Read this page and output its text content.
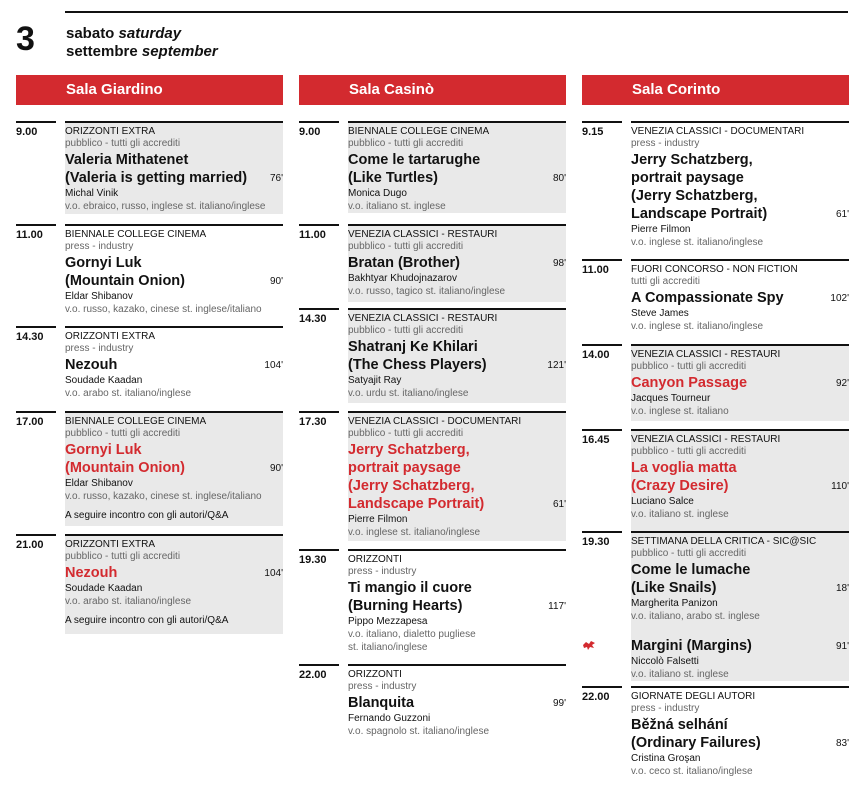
3 sabato saturday
settembre september
Sala Giardino
9.00	ORIZZONTI EXTRA
pubblico - tutti gli accrediti
Valeria Mithatenet
(Valeria is getting married)	76'
Michal Vinik
v.o. ebraico, russo, inglese st. italiano/inglese
11.00 BIENNALE COLLEGE CINEMA
press - industry
Gornyi Luk
(Mountain Onion)	90'
Eldar Shibanov
v.o. russo, kazako, cinese st. inglese/italiano
14.30 ORIZZONTI EXTRA
press - industry
Nezouh	104'
Soudade Kaadan
v.o. arabo st. italiano/inglese
17.00 BIENNALE COLLEGE CINEMA
pubblico - tutti gli accrediti
Gornyi Luk
(Mountain Onion)	90'
Eldar Shibanov
v.o. russo, kazako, cinese st. inglese/italiano
A seguire incontro con gli autori/Q&A
21.00 ORIZZONTI EXTRA
pubblico - tutti gli accrediti
Nezouh	104'
Soudade Kaadan
v.o. arabo st. italiano/inglese
A seguire incontro con gli autori/Q&A
Sala Casinò
9.00	BIENNALE COLLEGE CINEMA
pubblico - tutti gli accrediti
Come le tartarughe
(Like Turtles)	80'
Monica Dugo
v.o. italiano st. inglese
11.00 VENEZIA CLASSICI - RESTAURI
pubblico - tutti gli accrediti
Bratan (Brother)	98'
Bakhtyar Khudojnazarov
v.o. russo, tagico st. italiano/inglese
14.30 VENEZIA CLASSICI - RESTAURI
pubblico - tutti gli accrediti
Shatranj Ke Khilari
(The Chess Players)	121'
Satyajit Ray
v.o. urdu st. italiano/inglese
17.30 VENEZIA CLASSICI - DOCUMENTARI
pubblico - tutti gli accrediti
Jerry Schatzberg,
portrait paysage
(Jerry Schatzberg,
Landscape Portrait)	61'
Pierre Filmon
v.o. inglese st. italiano/inglese
19.30 ORIZZONTI
press - industry
Ti mangio il cuore
(Burning Hearts)	117'
Pippo Mezzapesa
v.o. italiano, dialetto pugliese
st. italiano/inglese
22.00 ORIZZONTI
press - industry
Blanquita	99'
Fernando Guzzoni
v.o. spagnolo st. italiano/inglese
Sala Corinto
9.15	VENEZIA CLASSICI - DOCUMENTARI
press - industry
Jerry Schatzberg,
portrait paysage
(Jerry Schatzberg,
Landscape Portrait)	61'
Pierre Filmon
v.o. inglese st. italiano/inglese
11.00 FUORI CONCORSO - NON FICTION
tutti gli accrediti
A Compassionate Spy	102'
Steve James
v.o. inglese st. italiano/inglese
14.00 VENEZIA CLASSICI - RESTAURI
pubblico - tutti gli accrediti
Canyon Passage	92'
Jacques Tourneur
v.o. inglese st. italiano
16.45 VENEZIA CLASSICI - RESTAURI
pubblico - tutti gli accrediti
La voglia matta
(Crazy Desire)	110'
Luciano Salce
v.o. italiano st. inglese
19.30 SETTIMANA DELLA CRITICA - SIC@SIC
pubblico - tutti gli accrediti
Come le lumache
(Like Snails)	18'
Margherita Panizon
v.o. italiano, arabo st. inglese
Margini (Margins)	91'
Niccolò Falsetti
v.o. italiano st. inglese
22.00 GIORNATE DEGLI AUTORI
press - industry
Běžná selhání
(Ordinary Failures)	83'
Cristina Groşan
v.o. ceco st. italiano/inglese
